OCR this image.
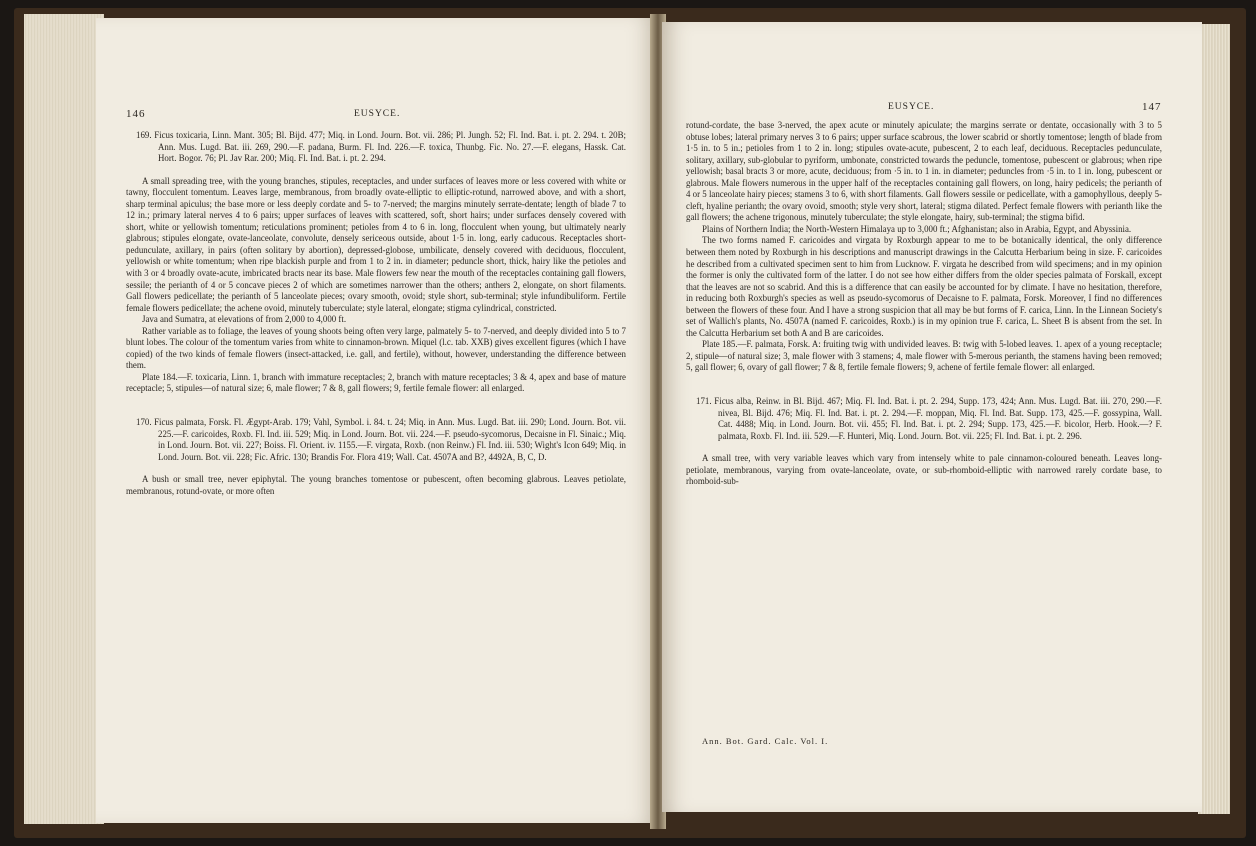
146	EUSYCE.

169. Ficus toxicaria, Linn. Mant. 305; Bl. Bijd. 477; Miq. in Lond. Journ. Bot. vii. 286; Pl. Jungh. 52; Fl. Ind. Bat. i. pt. 2. 294. t. 20B; Ann. Mus. Lugd. Bat. iii. 269, 290.—F. padana, Burm. Fl. Ind. 226.—F. toxica, Thunbg. Fic. No. 27.—F. elegans, Hassk. Cat. Hort. Bogor. 76; Pl. Jav Rar. 200; Miq. Fl. Ind. Bat. i. pt. 2. 294.

A small spreading tree, with the young branches, stipules, receptacles, and under surfaces of leaves more or less covered with white or tawny, flocculent tomentum. Leaves large, membranous, from broadly ovate-elliptic to elliptic-rotund, narrowed above, and with a short, sharp terminal apiculus; the base more or less deeply cordate and 5- to 7-nerved; the margins minutely serrate-dentate; length of blade 7 to 12 in.; primary lateral nerves 4 to 6 pairs; upper surfaces of leaves with scattered, soft, short hairs; under surfaces densely covered with short, white or yellowish tomentum; reticulations prominent; petioles from 4 to 6 in. long, flocculent when young, but ultimately nearly glabrous; stipules elongate, ovate-lanceolate, convolute, densely sericeous outside, about 1·5 in. long, early caducous. Receptacles short-pedunculate, axillary, in pairs (often solitary by abortion), depressed-globose, umbilicate, densely covered with deciduous, flocculent, yellowish or white tomentum; when ripe blackish purple and from 1 to 2 in. in diameter; peduncle short, thick, hairy like the petioles and with 3 or 4 broadly ovate-acute, imbricated bracts near its base. Male flowers few near the mouth of the receptacles containing gall flowers, sessile; the perianth of 4 or 5 concave pieces 2 of which are sometimes narrower than the others; anthers 2, elongate, on short filaments. Gall flowers pedicellate; the perianth of 5 lanceolate pieces; ovary smooth, ovoid; style short, sub-terminal; style infundibuliform. Fertile female flowers pedicellate; the achene ovoid, minutely tuberculate; style lateral, elongate; stigma cylindrical, constricted.

Java and Sumatra, at elevations of from 2,000 to 4,000 ft.

Rather variable as to foliage, the leaves of young shoots being often very large, palmately 5- to 7-nerved, and deeply divided into 5 to 7 blunt lobes. The colour of the tomentum varies from white to cinnamon-brown. Miquel (l.c. tab. XXB) gives excellent figures (which I have copied) of the two kinds of female flowers (insect-attacked, i.e. gall, and fertile), without, however, understanding the difference between them.

Plate 184.—F. toxicaria, Linn. 1, branch with immature receptacles; 2, branch with mature receptacles; 3 & 4, apex and base of mature receptacle; 5, stipules—of natural size; 6, male flower; 7 & 8, gall flowers; 9, fertile female flower: all enlarged.

170. Ficus palmata, Forsk. Fl. Ægypt-Arab. 179; Vahl, Symbol. i. 84. t. 24; Miq. in Ann. Mus. Lugd. Bat. iii. 290; Lond. Journ. Bot. vii. 225.—F. caricoides, Roxb. Fl. Ind. iii. 529; Miq. in Lond. Journ. Bot. vii. 224.—F. pseudo-sycomorus, Decaisne in Fl. Sinaic.; Miq. in Lond. Journ. Bot. vii. 227; Boiss. Fl. Orient. iv. 1155.—F. virgata, Roxb. (non Reinw.) Fl. Ind. iii. 530; Wight's Icon 649; Miq. in Lond. Journ. Bot. vii. 228; Fic. Afric. 130; Brandis For. Flora 419; Wall. Cat. 4507A and B?, 4492A, B, C, D.

A bush or small tree, never epiphytal. The young branches tomentose or pubescent, often becoming glabrous. Leaves petiolate, membranous, rotund-ovate, or more often

EUSYCE.	147

rotund-cordate, the base 3-nerved, the apex acute or minutely apiculate; the margins serrate or dentate, occasionally with 3 to 5 obtuse lobes; lateral primary nerves 3 to 6 pairs; upper surface scabrous, the lower scabrid or shortly tomentose; length of blade from 1·5 in. to 5 in.; petioles from 1 to 2 in. long; stipules ovate-acute, pubescent, 2 to each leaf, deciduous. Receptacles pedunculate, solitary, axillary, sub-globular to pyriform, umbonate, constricted towards the peduncle, tomentose, pubescent or glabrous; when ripe yellowish; basal bracts 3 or more, acute, deciduous; from ·5 in. to 1 in. in diameter; peduncles from ·5 in. to 1 in. long, pubescent or glabrous. Male flowers numerous in the upper half of the receptacles containing gall flowers, on long, hairy pedicels; the perianth of 4 or 5 lanceolate hairy pieces; stamens 3 to 6, with short filaments. Gall flowers sessile or pedicellate, with a gamophyllous, deeply 5-cleft, hyaline perianth; the ovary ovoid, smooth; style very short, lateral; stigma dilated. Perfect female flowers with perianth like the gall flowers; the achene trigonous, minutely tuberculate; the style elongate, hairy, sub-terminal; the stigma bifid.

Plains of Northern India; the North-Western Himalaya up to 3,000 ft.; Afghanistan; also in Arabia, Egypt, and Abyssinia.

The two forms named F. caricoides and virgata by Roxburgh appear to me to be botanically identical, the only difference between them noted by Roxburgh in his descriptions and manuscript drawings in the Calcutta Herbarium being in size. F. caricoides he described from a cultivated specimen sent to him from Lucknow. F. virgata he described from wild specimens; and in my opinion the former is only the cultivated form of the latter. I do not see how either differs from the older species palmata of Forskall, except that the leaves are not so scabrid. And this is a difference that can easily be accounted for by climate. I have no hesitation, therefore, in reducing both Roxburgh's species as well as pseudo-sycomorus of Decaisne to F. palmata, Forsk. Moreover, I find no differences between the flowers of these four. And I have a strong suspicion that all may be but forms of F. carica, Linn. In the Linnean Society's set of Wallich's plants, No. 4507A (named F. caricoides, Roxb.) is in my opinion true F. carica, L. Sheet B is absent from the set. In the Calcutta Herbarium set both A and B are caricoides.

Plate 185.—F. palmata, Forsk. A: fruiting twig with undivided leaves. B: twig with 5-lobed leaves. 1. apex of a young receptacle; 2, stipule—of natural size; 3, male flower with 3 stamens; 4, male flower with 5-merous perianth, the stamens having been removed; 5, gall flower; 6, ovary of gall flower; 7 & 8, fertile female flowers; 9, achene of fertile female flower: all enlarged.

171. Ficus alba, Reinw. in Bl. Bijd. 467; Miq. Fl. Ind. Bat. i. pt. 2. 294, Supp. 173, 424; Ann. Mus. Lugd. Bat. iii. 270, 290.—F. nivea, Bl. Bijd. 476; Miq. Fl. Ind. Bat. i. pt. 2. 294.—F. moppan, Miq. Fl. Ind. Bat. Supp. 173, 425.—F. gossypina, Wall. Cat. 4488; Miq. in Lond. Journ. Bot. vii. 455; Fl. Ind. Bat. i. pt. 2. 294; Supp. 173, 425.—F. bicolor, Herb. Hook.—? F. palmata, Roxb. Fl. Ind. iii. 529.—F. Hunteri, Miq. Lond. Journ. Bot. vii. 225; Fl. Ind. Bat. i. pt. 2. 296.

A small tree, with very variable leaves which vary from intensely white to pale cinnamon-coloured beneath. Leaves long-petiolate, membranous, varying from ovate-lanceolate, ovate, or sub-rhomboid-elliptic with narrowed rarely cordate base, to rhomboid-sub-

Ann. Bot. Gard. Calc. Vol. I.
